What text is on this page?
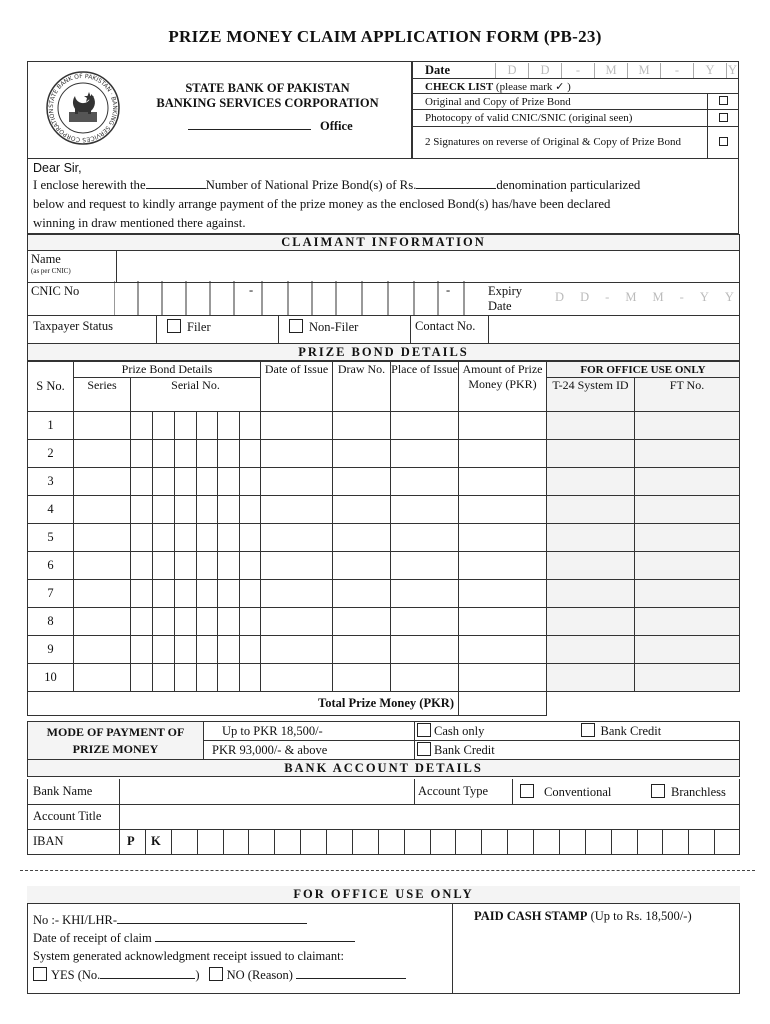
PRIZE MONEY CLAIM APPLICATION FORM (PB-23)
STATE BANK OF PAKISTAN · BANKING SERVICES CORPORATION
STATE BANK OF PAKISTAN
BANKING SERVICES CORPORATION
Office
Date	D	D	-	M	M	-	Y	Y

CHECK LIST (please mark ✓ )
Original and Copy of Prize Bond	
Photocopy of valid CNIC/SNIC (original seen)	
2 Signatures on reverse of Original & Copy of Prize Bond	
Dear Sir,
I enclose herewith the	Number of National Prize Bond(s) of Rs.	denomination particularized
below and request to kindly arrange payment of the prize money as the enclosed Bond(s) has/have been declared
winning in draw mentioned there against.
CLAIMANT INFORMATION

Name
(as per CNIC)

CNIC No	-	-	Expiry Date
D D - M M - Y Y
Taxpayer Status	Filer	Non-Filer	Contact No.
PRIZE BOND DETAILS
S No.	Prize Bond Details							Date of Issue	Draw No.	Place of Issue	Amount of Prize Money (PKR)	FOR OFFICE USE ONLY	
	Series	Serial No.										T-24 System ID	FT No.
1													
2													
3													
4													
5													
6													
7													
8													
9													
10													
Total Prize Money (PKR)													
MODE OF PAYMENT OF PRIZE MONEY	Up to PKR 18,500/-	Cash only	Bank Credit
	PKR 93,000/- & above	Bank Credit	
BANK ACCOUNT DETAILS			
Bank Name	Account Type	Conventional	Branchless
Account Title
IBAN	P K
FOR OFFICE USE ONLY
No :- KHI/LHR-
Date of receipt of claim
System generated acknowledgment receipt issued to claimant:
YES (No.	) NO (Reason)
PAID CASH STAMP (Up to Rs. 18,500/-)
